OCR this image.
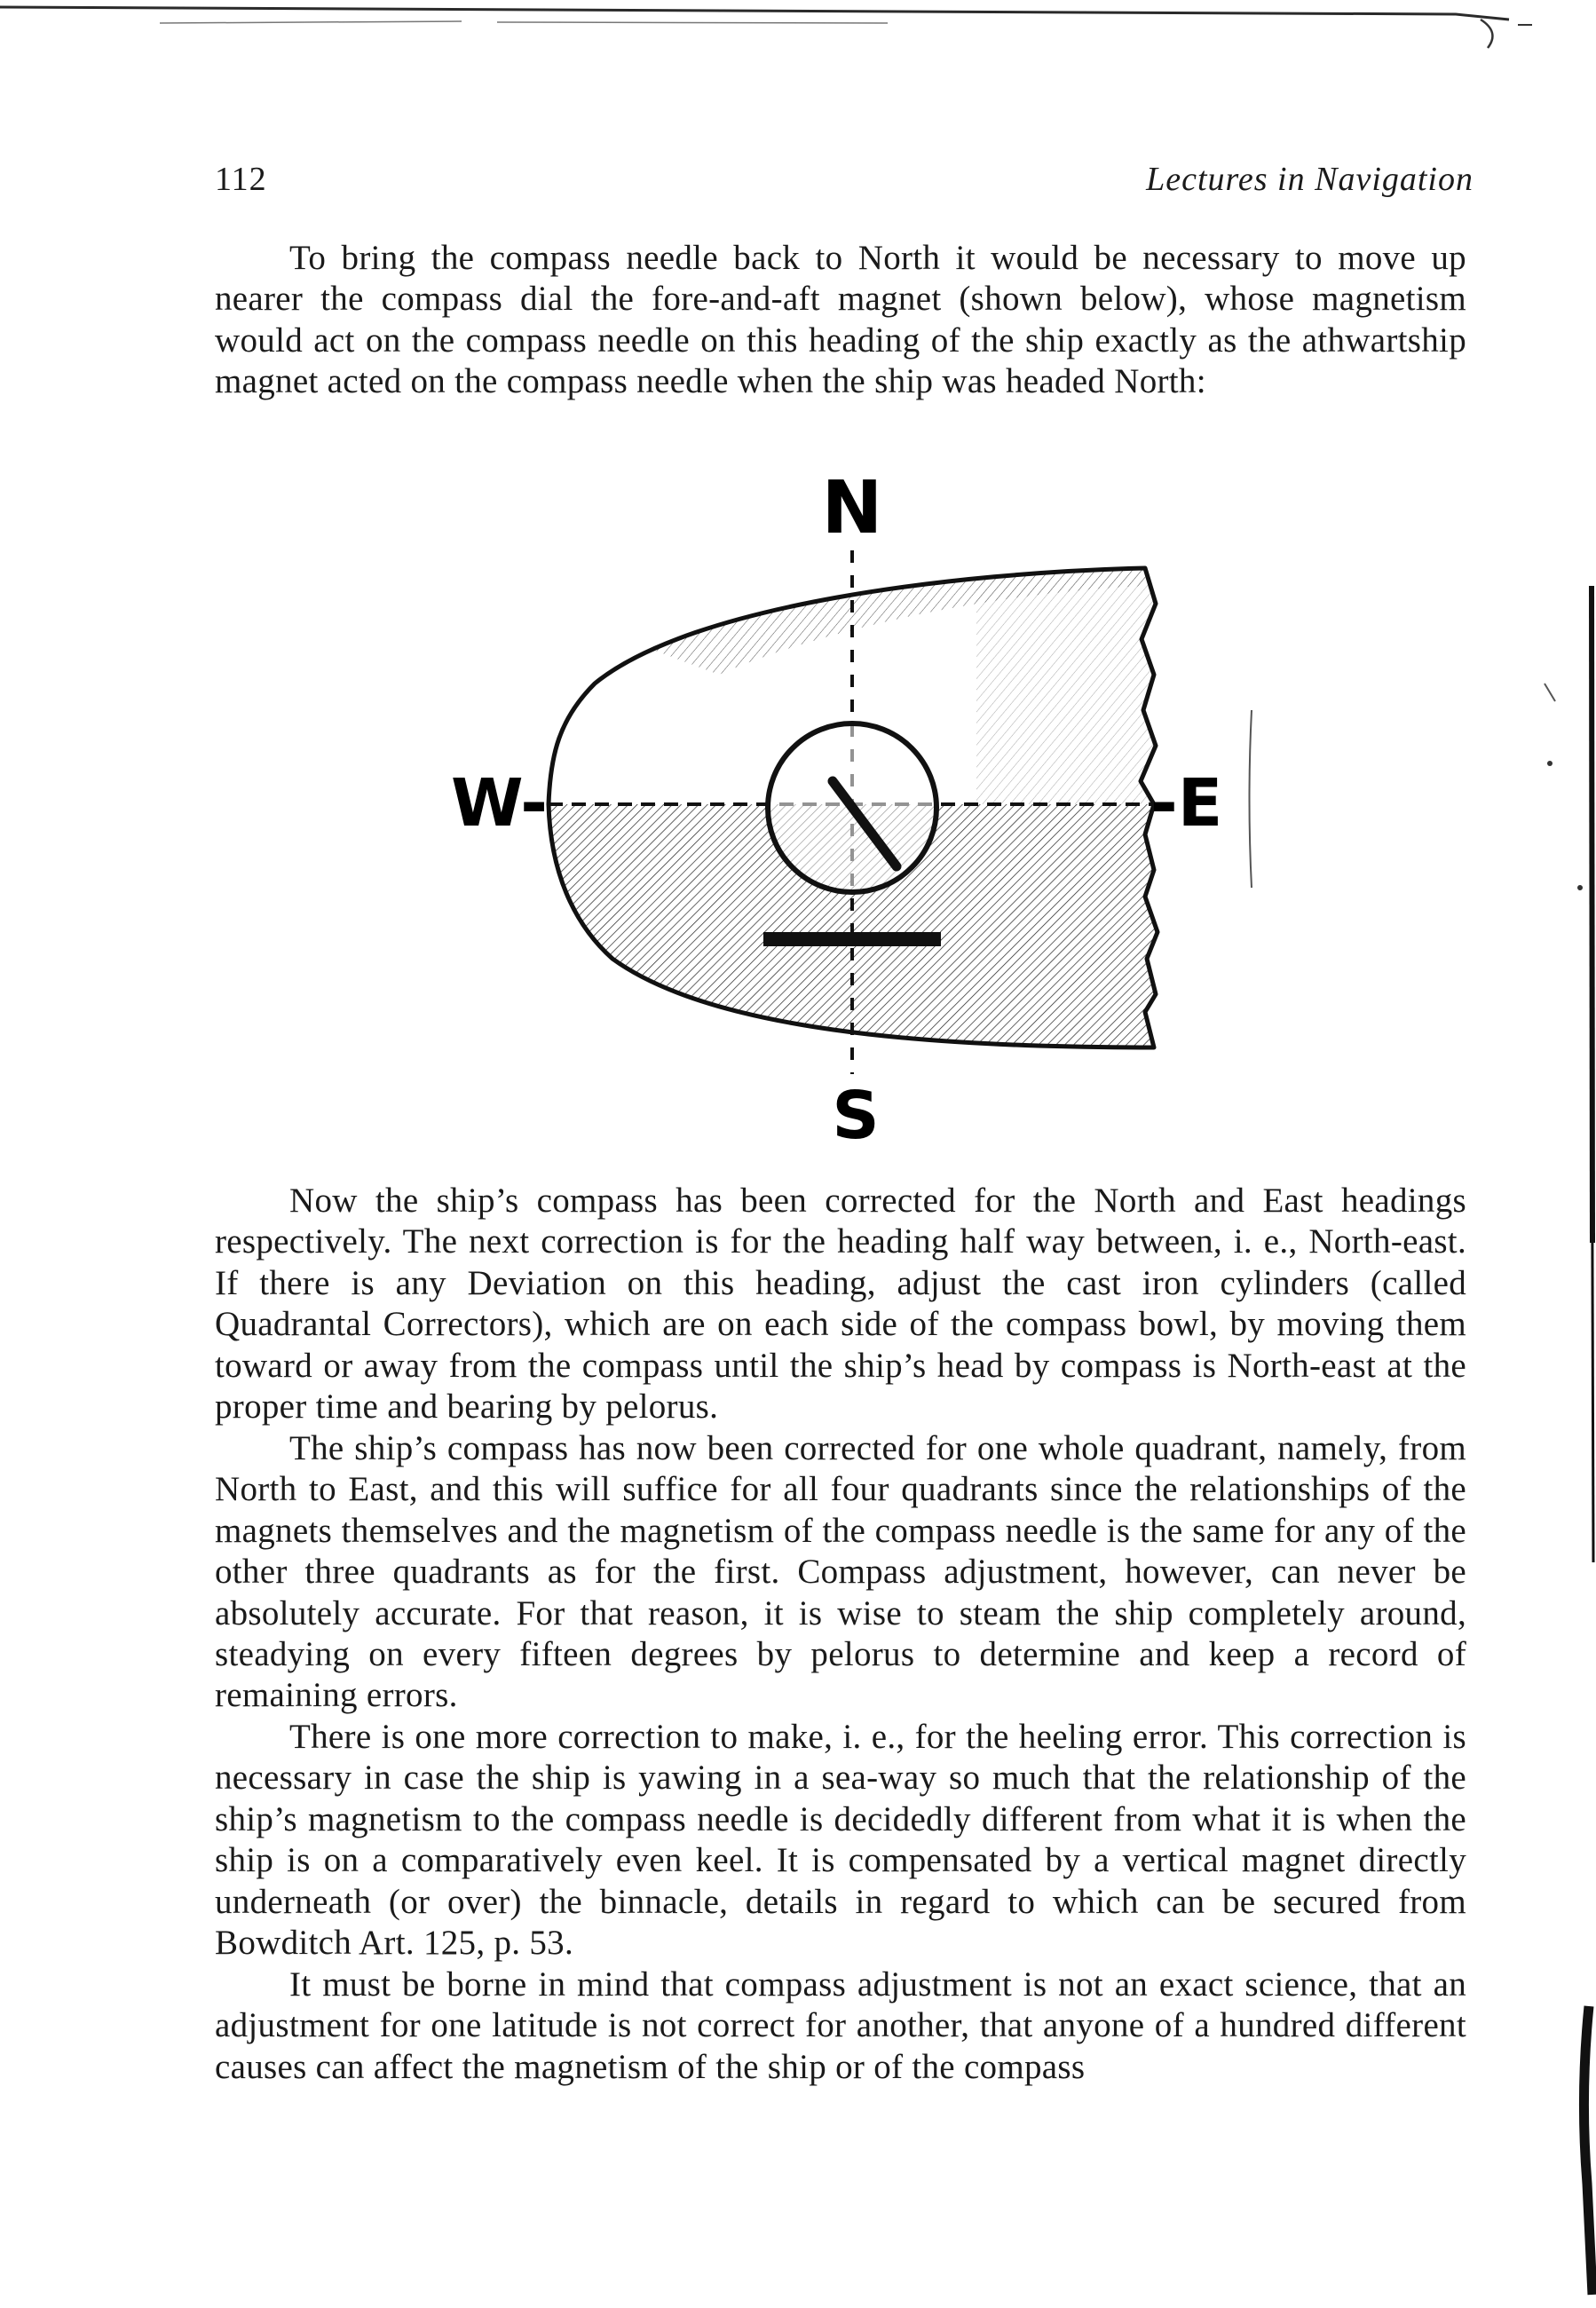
112	Lectures in Navigation

To bring the compass needle back to North it would be necessary to move up nearer the compass dial the fore-and-aft magnet (shown below), whose magnetism would act on the compass needle on this heading of the ship exactly as the athwartship magnet acted on the compass needle when the ship was headed North:

N
S
W-	-E

Now the ship’s compass has been corrected for the North and East headings respectively. The next correction is for the heading half way between, i. e., North-east. If there is any Deviation on this heading, adjust the cast iron cylinders (called Quadrantal Correctors), which are on each side of the compass bowl, by moving them toward or away from the compass until the ship’s head by compass is North-east at the proper time and bearing by pelorus.

The ship’s compass has now been corrected for one whole quadrant, namely, from North to East, and this will suffice for all four quadrants since the relationships of the magnets themselves and the magnetism of the compass needle is the same for any of the other three quadrants as for the first. Compass adjustment, however, can never be absolutely accurate. For that reason, it is wise to steam the ship completely around, steadying on every fifteen degrees by pelorus to determine and keep a record of remaining errors.

There is one more correction to make, i. e., for the heeling error. This correction is necessary in case the ship is yawing in a sea-way so much that the relationship of the ship’s magnetism to the compass needle is decidedly different from what it is when the ship is on a comparatively even keel. It is compensated by a vertical magnet directly underneath (or over) the binnacle, details in regard to which can be secured from Bowditch Art. 125, p. 53.

It must be borne in mind that compass adjustment is not an exact science, that an adjustment for one latitude is not correct for another, that anyone of a hundred different causes can affect the magnetism of the ship or of the compass
